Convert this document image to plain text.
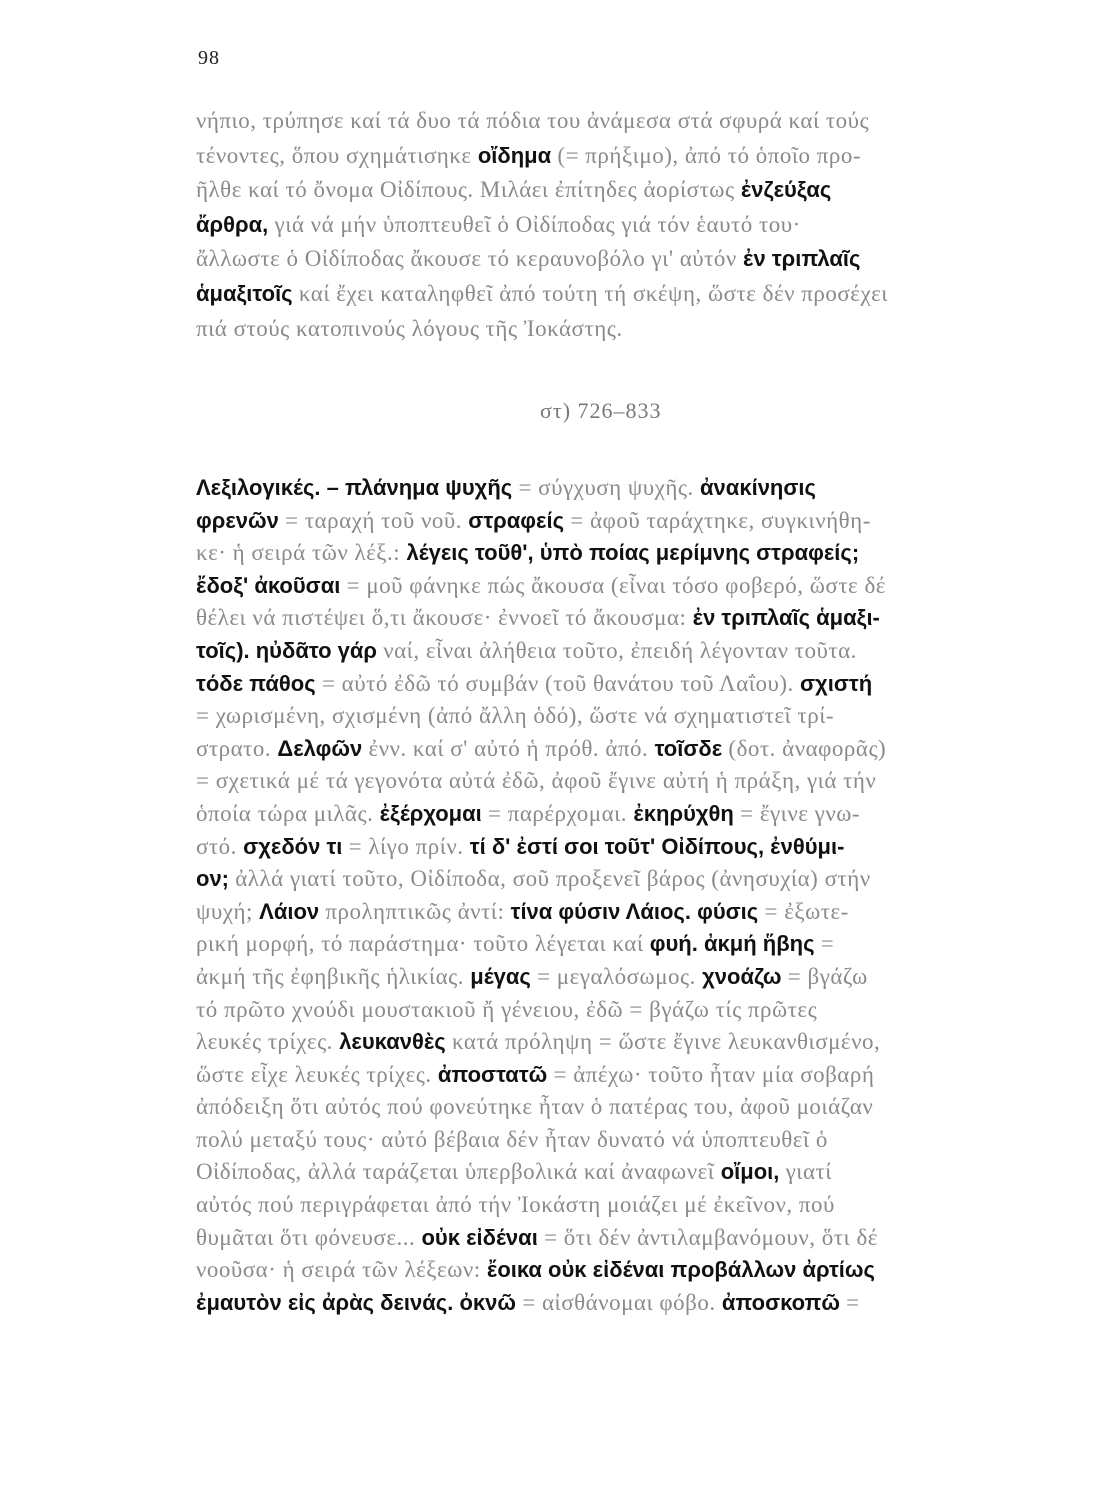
98
νήπιο, τρύπησε καί τά δυο τά πόδια του ἀνάμεσα στά σφυρά καί τούς
τένοντες, ὅπου σχημάτισηκε οἴδημα (= πρήξιμο), ἀπό τό ὁποῖο προ-
ῆλθε καί τό ὄνομα Οἰδίπους. Μιλάει ἐπίτηδες ἀορίστως ἐνζεύξας
ἄρθρα, γιά νά μήν ὑποπτευθεῖ ὁ Οἰδίποδας γιά τόν ἑαυτό του·
ἄλλωστε ὁ Οἰδίποδας ἄκουσε τό κεραυνοβόλο γι' αὐτόν ἐν τριπλαῖς
ἁμαξιτοῖς καί ἔχει καταληφθεῖ ἀπό τούτη τή σκέψη, ὥστε δέν προσέχει
πιά στούς κατοπινούς λόγους τῆς Ἰοκάστης.
στ) 726–833
Λεξιλογικές. – πλάνημα ψυχῆς = σύγχυση ψυχῆς. ἀνακίνησις
φρενῶν = ταραχή τοῦ νοῦ. στραφείς = ἀφοῦ ταράχτηκε, συγκινήθη-
κε· ἡ σειρά τῶν λέξ.: λέγεις τοῦθ', ὑπὸ ποίας μερίμνης στραφείς;
ἔδοξ' ἀκοῦσαι = μοῦ φάνηκε πώς ἄκουσα (εἶναι τόσο φοβερό, ὥστε δέ
θέλει νά πιστέψει ὅ,τι ἄκουσε· ἐννοεῖ τό ἄκουσμα: ἐν τριπλαῖς ἁμαξι-
τοῖς). ηὐδᾶτο γάρ ναί, εἶναι ἀλήθεια τοῦτο, ἐπειδή λέγονταν τοῦτα.
τόδε πάθος = αὐτό ἐδῶ τό συμβάν (τοῦ θανάτου τοῦ Λαΐου). σχιστή
= χωρισμένη, σχισμένη (ἀπό ἄλλη ὁδό), ὥστε νά σχηματιστεῖ τρί-
στρατο. Δελφῶν ἐνν. καί σ' αὐτό ἡ πρόθ. ἀπό. τοῖσδε (δοτ. ἀναφορᾶς)
= σχετικά μέ τά γεγονότα αὐτά ἐδῶ, ἀφοῦ ἔγινε αὐτή ἡ πράξη, γιά τήν
ὁποία τώρα μιλᾶς. ἐξέρχομαι = παρέρχομαι. ἐκηρύχθη = ἔγινε γνω-
στό. σχεδόν τι = λίγο πρίν. τί δ' ἐστί σοι τοῦτ' Οἰδίπους, ἐνθύμι-
ον; ἀλλά γιατί τοῦτο, Οἰδίποδα, σοῦ προξενεῖ βάρος (ἀνησυχία) στήν
ψυχή; Λάιον προληπτικῶς ἀντί: τίνα φύσιν Λάιος. φύσις = ἐξωτε-
ρική μορφή, τό παράστημα· τοῦτο λέγεται καί φυή. ἀκμή ἥβης =
ἀκμή τῆς ἐφηβικῆς ἡλικίας. μέγας = μεγαλόσωμος. χνοάζω = βγάζω
τό πρῶτο χνούδι μουστακιοῦ ἤ γένειου, ἐδῶ = βγάζω τίς πρῶτες
λευκές τρίχες. λευκανθὲς κατά πρόληψη = ὥστε ἔγινε λευκανθισμένο,
ὥστε εἶχε λευκές τρίχες. ἀποστατῶ = ἀπέχω· τοῦτο ἦταν μία σοβαρή
ἀπόδειξη ὅτι αὐτός πού φονεύτηκε ἦταν ὁ πατέρας του, ἀφοῦ μοιάζαν
πολύ μεταξύ τους· αὐτό βέβαια δέν ἦταν δυνατό νά ὑποπτευθεῖ ὁ
Οἰδίποδας, ἀλλά ταράζεται ὑπερβολικά καί ἀναφωνεῖ οἴμοι, γιατί
αὐτός πού περιγράφεται ἀπό τήν Ἰοκάστη μοιάζει μέ ἐκεῖνον, πού
θυμᾶται ὅτι φόνευσε... οὐκ εἰδέναι = ὅτι δέν ἀντιλαμβανόμουν, ὅτι δέ
νοοῦσα· ἡ σειρά τῶν λέξεων: ἔοικα οὐκ εἰδέναι προβάλλων ἀρτίως
ἐμαυτὸν εἰς ἀρὰς δεινάς. ὀκνῶ = αἰσθάνομαι φόβο. ἀποσκοπῶ =
